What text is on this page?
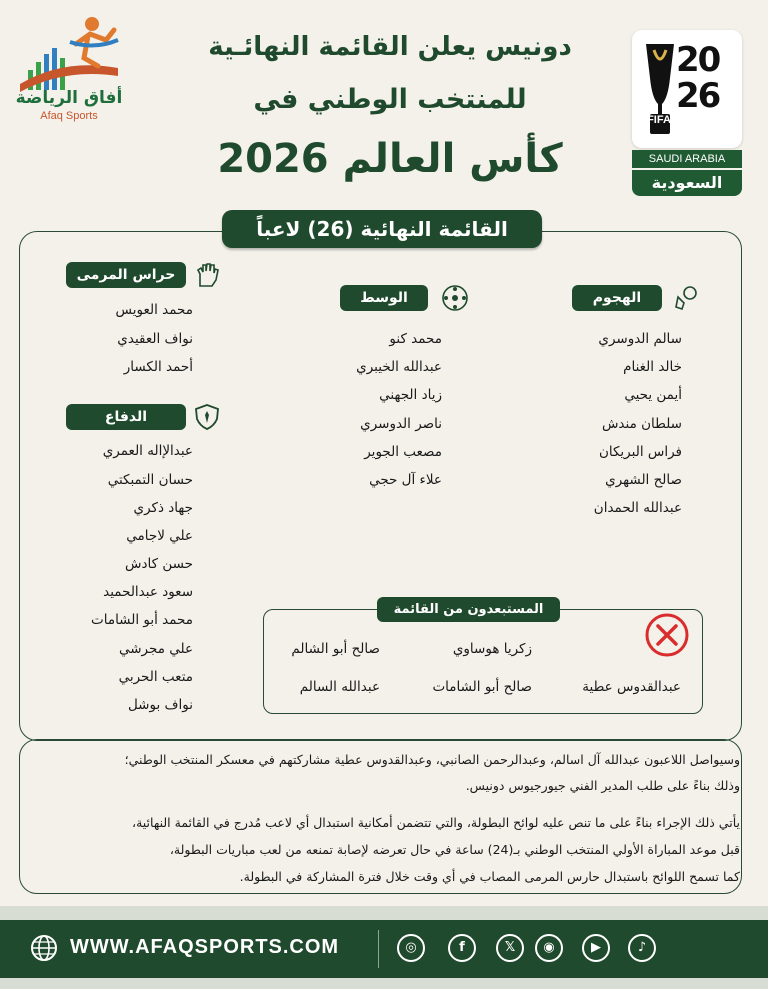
أفاق الرياضة
Afaq Sports
دونيس يعلن القائمة النهائـية
للمنتخب الوطني في
كأس العالم 2026
20
26
FIFA
SAUDI ARABIA
السعودية
القائمة النهائية (26) لاعباً
حراس المرمى
محمد العويس
نواف العقيدي
أحمد الكسار
الدفاع
عبدالإاله العمري
حسان التمبكتي
جهاد ذكري
علي لاجامي
حسن كادش
سعود عبدالحميد
محمد أبو الشامات
علي مجرشي
متعب الحربي
نواف بوشل
الوسط
محمد كنو
عبدالله الخيبري
زياد الجهني
ناصر الدوسري
مصعب الجوير
علاء آل حجي
الهجوم
سالم الدوسري
خالد الغنام
أيمن يحيي
سلطان مندش
فراس البريكان
صالح الشهري
عبدالله الحمدان
المستبعدون من القائمة
زكريا هوساوي
صالح أبو الشالم
عبدالقدوس عطية
صالح أبو الشامات
عبدالله السالم
وسيواصل اللاعبون عبدالله آل اسالم، وعبدالرحمن الصانبي، وعبدالقدوس عطية مشاركتهم في معسكر المنتخب الوطني؛
وذلك بناءً على طلب المدير الفني جيورجيوس دونيس.
يأتي ذلك الإجراء بناءً على ما تنص عليه لوائح البطولة، والتي تتضمن أمكانية استبدال أي لاعب مُدرج في القائمة النهائية،
قبل موعد المباراة الأولي المنتخب الوطني بـ(24) ساعة في حال تعرضه لإصابة تمنعه من لعب مباريات البطولة،
كما تسمح اللوائح باستبدال حارس المرمى المصاب في أي وقت خلال فترة المشاركة في البطولة.
WWW.AFAQSPORTS.COM	◎	f	𝕏	◉	▶	♪
